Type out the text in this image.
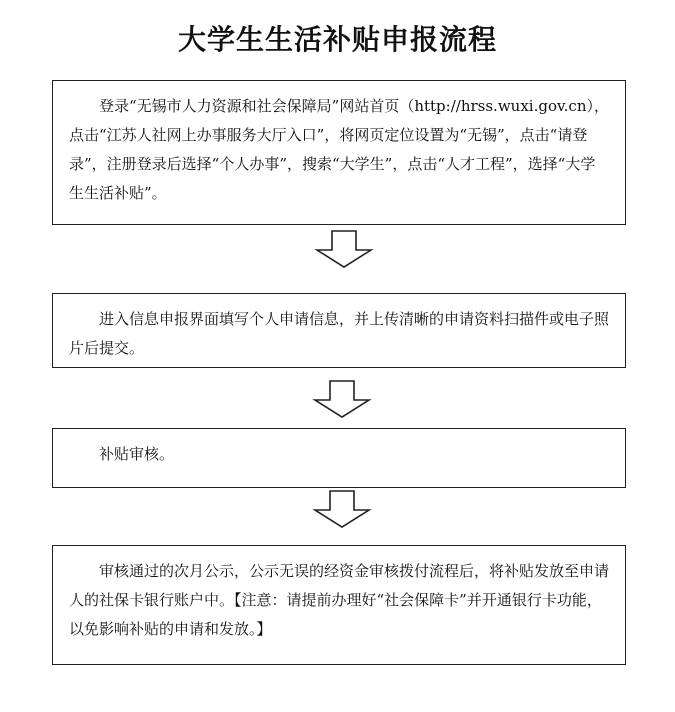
大学生生活补贴申报流程

登录“无锡市人力资源和社会保障局”网站首页（http://hrss.wuxi.gov.cn），点击“江苏人社网上办事服务大厅入口”，将网页定位设置为“无锡”，点击“请登录”，注册登录后选择“个人办事”，搜索“大学生”，点击“人才工程”，选择“大学生生活补贴”。

进入信息申报界面填写个人申请信息，并上传清晰的申请资料扫描件或电子照片后提交。

补贴审核。

审核通过的次月公示，公示无误的经资金审核拨付流程后，将补贴发放至申请人的社保卡银行账户中。【注意：请提前办理好“社会保障卡”并开通银行卡功能，以免影响补贴的申请和发放。】
